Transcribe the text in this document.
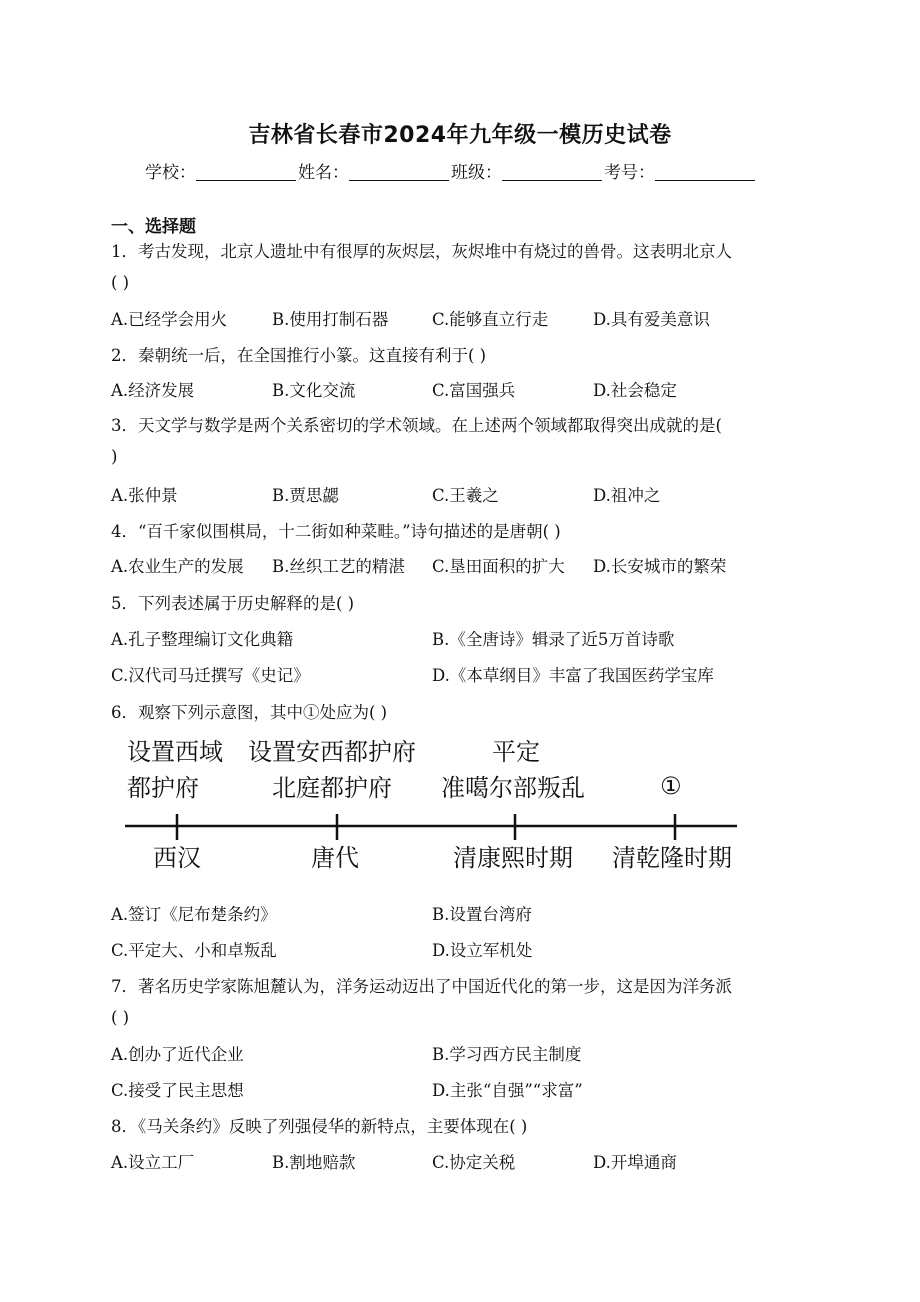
吉林省长春市2024年九年级一模历史试卷
学校：	姓名：	班级：	考号：
一、选择题
1．考古发现，北京人遗址中有很厚的灰烬层，灰烬堆中有烧过的兽骨。这表明北京人
( )
A.已经学会用火	B.使用打制石器	C.能够直立行走	D.具有爱美意识
2．秦朝统一后，在全国推行小篆。这直接有利于( )
A.经济发展	B.文化交流	C.富国强兵	D.社会稳定
3．天文学与数学是两个关系密切的学术领域。在上述两个领域都取得突出成就的是(
)
A.张仲景	B.贾思勰	C.王羲之	D.祖冲之
4．“百千家似围棋局，十二街如种菜畦。”诗句描述的是唐朝( )
A.农业生产的发展 B.丝织工艺的精湛 C.垦田面积的扩大 D.长安城市的繁荣
5．下列表述属于历史解释的是( )
A.孔子整理编订文化典籍	B.《全唐诗》辑录了近5万首诗歌
C.汉代司马迁撰写《史记》	D.《本草纲目》丰富了我国医药学宝库
6．观察下列示意图，其中①处应为( )
设置西域
都护府
设置安西都护府
北庭都护府
平定
准噶尔部叛乱	①
西汉	唐代	清康熙时期 清乾隆时期
A.签订《尼布楚条约》	B.设置台湾府
C.平定大、小和卓叛乱	D.设立军机处
7．著名历史学家陈旭麓认为，洋务运动迈出了中国近代化的第一步，这是因为洋务派
( )
A.创办了近代企业	B.学习西方民主制度
C.接受了民主思想	D.主张“自强”“求富”
8．《马关条约》反映了列强侵华的新特点，主要体现在( )
A.设立工厂	B.割地赔款	C.协定关税	D.开埠通商
